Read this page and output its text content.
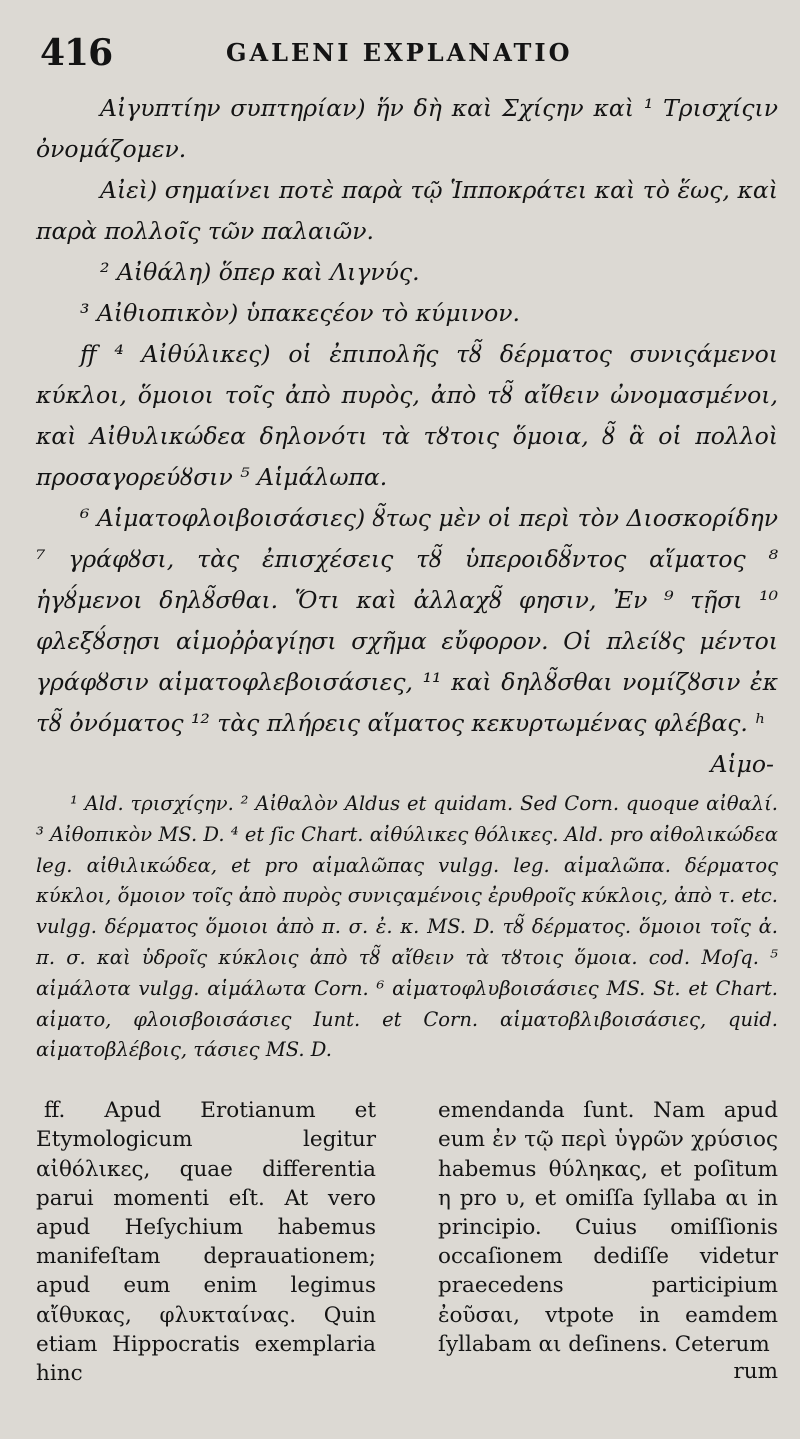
416	GALENI EXPLANATIO

Αἰγυπτίην συπτηρίαν) ἥν δὴ καὶ Σχίςην καὶ ¹ Τρισχίςιν ὀνομάζομεν.

Αἰεὶ) σημαίνει ποτὲ παρὰ τῷ Ἱπποκράτει καὶ τὸ ἕως, καὶ παρὰ πολλοῖς τῶν παλαιῶν.

² Αἰθάλη) ὅπερ καὶ Λιγνύς.

³ Αἰθιοπικὸν) ὑπακεςέον τὸ κύμινον.

ff ⁴ Αἰθύλικες) οἱ ἐπιπολῆς τȣ̃ δέρματος συνιςάμενοι κύκλοι, ὅμοιοι τοῖς ἀπὸ πυρὸς, ἀπὸ τȣ̃ αἴθειν ὠνομασμένοι, καὶ Αἰθυλικώδεα δηλονότι τὰ τȣτοις ὅμοια, ȣ̃ ἃ οἱ πολλοὶ προσαγορεύȣσιν ⁵ Αἱμάλωπα.

⁶ Αἱματοφλοιβοισάσιες) ȣ̃τως μὲν οἱ περὶ τὸν Διοσκορίδην ⁷ γράφȣσι, τὰς ἐπισχέσεις τȣ̃ ὑπεροιδȣ̃ντος αἵματος ⁸ ἡγȣ́μενοι δηλȣ̃σθαι. Ὅτι καὶ ἀλλαχȣ̃ φησιν, Ἐν ⁹ τῇσι ¹⁰ φλεξȣ́σῃσι αἱμοῤῥαγίῃσι σχῆμα εὔφορον. Οἱ πλείȣς μέντοι γράφȣσιν αἱματοφλεβοισάσιες, ¹¹ καὶ δηλȣ̃σθαι νομίζȣσιν ἐκ τȣ̃ ὀνόματος ¹² τὰς πλήρεις αἵματος κεκυρτωμένας φλέβας. ʰ

Αἱμο-

¹ Ald. τρισχίςην. ² Αἰθαλὸν Aldus et quidam. Sed Corn. quoque αἰθαλί. ³ Αἰθοπικὸν MS. D. ⁴ et ſic Chart. αἰθύλικες θόλικες. Ald. pro αἰθολικώδεα leg. αἰθιλικώδεα, et pro αἱμαλῶπας vulgg. leg. αἱμαλῶπα. δέρματος κύκλοι, ὅμοιον τοῖς ἀπὸ πυρὸς συνιςαμένοις ἐρυθροῖς κύκλοις, ἀπὸ τ. etc. vulgg. δέρματος ὅμοιοι ἀπὸ π. σ. ἐ. κ. MS. D. τȣ̃ δέρματος. ὅμοιοι τοῖς ἀ. π. σ. καὶ ὑδροῖς κύκλοις ἀπὸ τȣ̃ αἴθειν τὰ τȣτοις ὅμοια. cod. Moſq. ⁵ αἱμάλοτα vulgg. αἱμάλωτα Corn. ⁶ αἱματοφλυβοισάσιες MS. St. et Chart. αἱματο, φλοισβοισάσιες Iunt. et Corn. αἱματοβλιβοισάσιες, quid. αἱματοβλέβοις, τάσιες MS. D.

ff. Apud Erotianum et Etymologicum legitur αἰθόλικες, quae differentia parui momenti eſt. At vero apud Heſychium habemus manifeſtam deprauationem; apud eum enim legimus αἴθυκας, φλυκταίνας. Quin etiam Hippocratis exemplaria hinc

emendanda ſunt. Nam apud eum ἐν τῷ περὶ ὑγρῶν χρύσιος habemus θύληκας, et poſitum η pro υ, et omiſſa ſyllaba αι in principio. Cuius omiſſionis occaſionem dediſſe videtur praecedens participium ἐοῦσαι, vtpote in eamdem ſyllabam αι deſinens. Ceterum

rum
